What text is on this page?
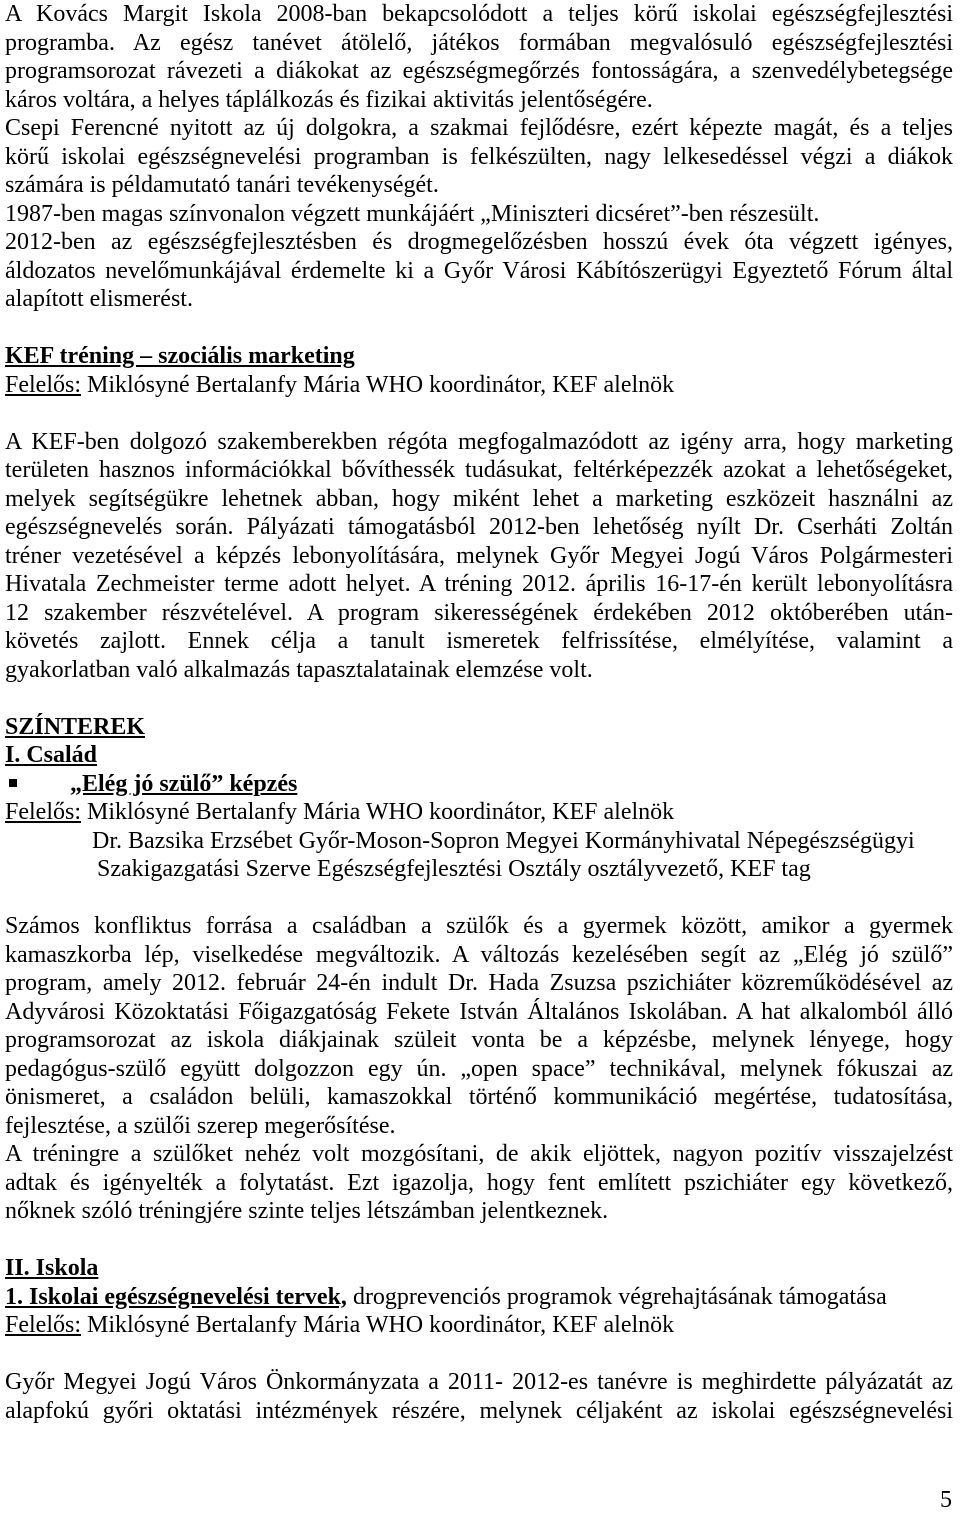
A Kovács Margit Iskola 2008-ban bekapcsolódott a teljes körű iskolai egészségfejlesztési
programba. Az egész tanévet átölelő, játékos formában megvalósuló egészségfejlesztési
programsorozat rávezeti a diákokat az egészségmegőrzés fontosságára, a szenvedélybetegsége
káros voltára, a helyes táplálkozás és fizikai aktivitás jelentőségére.
Csepi Ferencné nyitott az új dolgokra, a szakmai fejlődésre, ezért képezte magát, és a teljes
körű iskolai egészségnevelési programban is felkészülten, nagy lelkesedéssel végzi a diákok
számára is példamutató tanári tevékenységét.
1987-ben magas színvonalon végzett munkájáért „Miniszteri dicséret”-ben részesült.
2012-ben az egészségfejlesztésben és drogmegelőzésben hosszú évek óta végzett igényes,
áldozatos nevelőmunkájával érdemelte ki a Győr Városi Kábítószerügyi Egyeztető Fórum által
alapított elismerést.
KEF tréning – szociális marketing
Felelős: Miklósyné Bertalanfy Mária WHO koordinátor, KEF alelnök
A KEF-ben dolgozó szakemberekben régóta megfogalmazódott az igény arra, hogy marketing
területen hasznos információkkal bővíthessék tudásukat, feltérképezzék azokat a lehetőségeket,
melyek segítségükre lehetnek abban, hogy miként lehet a marketing eszközeit használni az
egészségnevelés során. Pályázati támogatásból 2012-ben lehetőség nyílt Dr. Cserháti Zoltán
tréner vezetésével a képzés lebonyolítására, melynek Győr Megyei Jogú Város Polgármesteri
Hivatala Zechmeister terme adott helyet. A tréning 2012. április 16-17-én került lebonyolításra
12 szakember részvételével. A program sikerességének érdekében 2012 októberében után-
követés zajlott. Ennek célja a tanult ismeretek felfrissítése, elmélyítése, valamint a
gyakorlatban való alkalmazás tapasztalatainak elemzése volt.
SZÍNTEREK
I. Család
„Elég jó szülő” képzés
Felelős: Miklósyné Bertalanfy Mária WHO koordinátor, KEF alelnök
Dr. Bazsika Erzsébet Győr-Moson-Sopron Megyei Kormányhivatal Népegészségügyi
Szakigazgatási Szerve Egészségfejlesztési Osztály osztályvezető, KEF tag
Számos konfliktus forrása a családban a szülők és a gyermek között, amikor a gyermek
kamaszkorba lép, viselkedése megváltozik. A változás kezelésében segít az „Elég jó szülő”
program, amely 2012. február 24-én indult Dr. Hada Zsuzsa pszichiáter közreműködésével az
Adyvárosi Közoktatási Főigazgatóság Fekete István Általános Iskolában. A hat alkalomból álló
programsorozat az iskola diákjainak szüleit vonta be a képzésbe, melynek lényege, hogy
pedagógus-szülő együtt dolgozzon egy ún. „open space” technikával, melynek fókuszai az
önismeret, a családon belüli, kamaszokkal történő kommunikáció megértése, tudatosítása,
fejlesztése, a szülői szerep megerősítése.
A tréningre a szülőket nehéz volt mozgósítani, de akik eljöttek, nagyon pozitív visszajelzést
adtak és igényelték a folytatást. Ezt igazolja, hogy fent említett pszichiáter egy következő,
nőknek szóló tréningjére szinte teljes létszámban jelentkeznek.
II. Iskola
1. Iskolai egészségnevelési tervek, drogprevenciós programok végrehajtásának támogatása
Felelős: Miklósyné Bertalanfy Mária WHO koordinátor, KEF alelnök
Győr Megyei Jogú Város Önkormányzata a 2011- 2012-es tanévre is meghirdette pályázatát az
alapfokú győri oktatási intézmények részére, melynek céljaként az iskolai egészségnevelési
5
